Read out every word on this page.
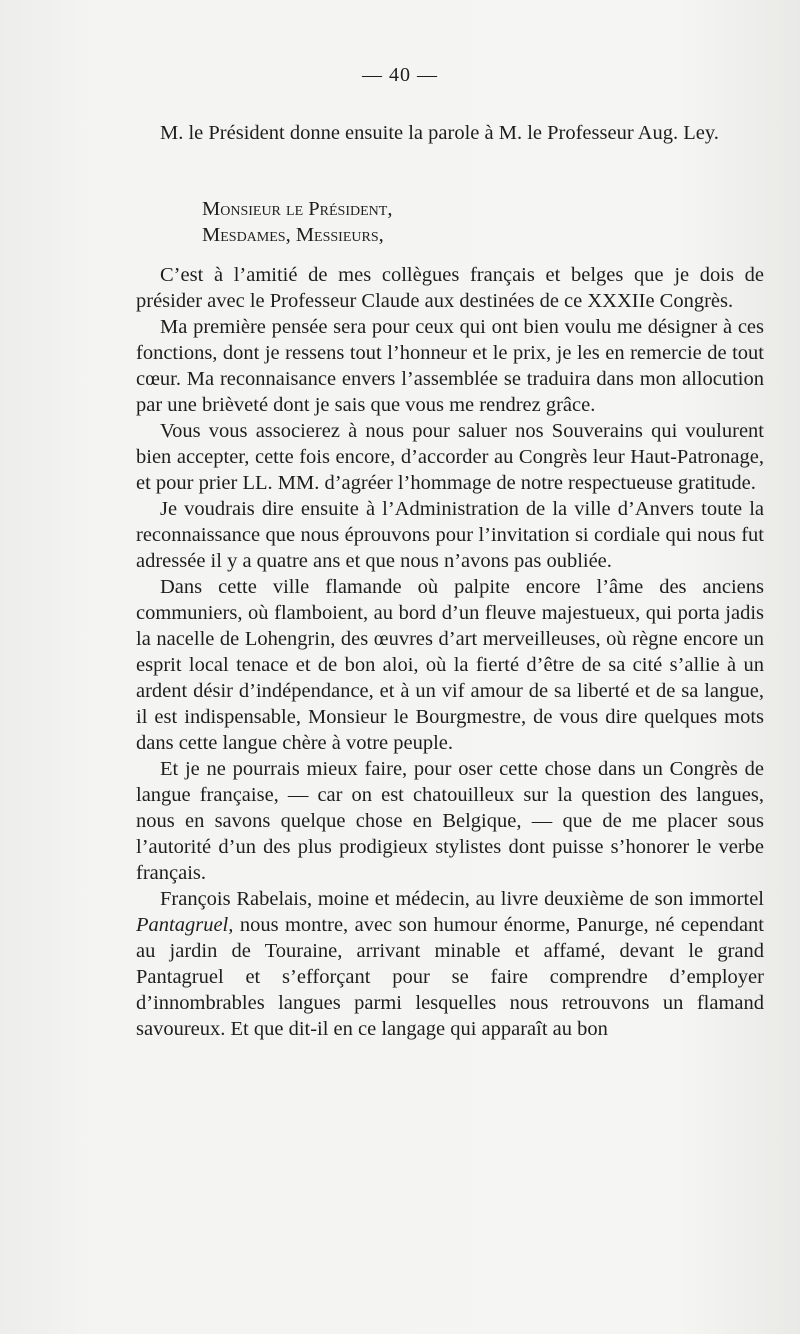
— 40 —
M. le Président donne ensuite la parole à M. le Professeur Aug. Ley.
Monsieur le Président,
Mesdames, Messieurs,

C’est à l’amitié de mes collègues français et belges que je dois de présider avec le Professeur Claude aux destinées de ce XXXIIe Congrès.

Ma première pensée sera pour ceux qui ont bien voulu me désigner à ces fonctions, dont je ressens tout l’honneur et le prix, je les en remercie de tout cœur. Ma reconnaisance envers l’assemblée se traduira dans mon allocution par une brièveté dont je sais que vous me rendrez grâce.

Vous vous associerez à nous pour saluer nos Souverains qui voulurent bien accepter, cette fois encore, d’accorder au Congrès leur Haut-Patronage, et pour prier LL. MM. d’agréer l’hommage de notre respectueuse gratitude.

Je voudrais dire ensuite à l’Administration de la ville d’Anvers toute la reconnaissance que nous éprouvons pour l’invitation si cordiale qui nous fut adressée il y a quatre ans et que nous n’avons pas oubliée.

Dans cette ville flamande où palpite encore l’âme des anciens communiers, où flamboient, au bord d’un fleuve majestueux, qui porta jadis la nacelle de Lohengrin, des œuvres d’art merveilleuses, où règne encore un esprit local tenace et de bon aloi, où la fierté d’être de sa cité s’allie à un ardent désir d’indépendance, et à un vif amour de sa liberté et de sa langue, il est indispensable, Monsieur le Bourgmestre, de vous dire quelques mots dans cette langue chère à votre peuple.

Et je ne pourrais mieux faire, pour oser cette chose dans un Congrès de langue française, — car on est chatouilleux sur la question des langues, nous en savons quelque chose en Belgique, — que de me placer sous l’autorité d’un des plus prodigieux stylistes dont puisse s’honorer le verbe français.

François Rabelais, moine et médecin, au livre deuxième de son immortel Pantagruel, nous montre, avec son humour énorme, Panurge, né cependant au jardin de Touraine, arrivant minable et affamé, devant le grand Pantagruel et s’efforçant pour se faire comprendre d’employer d’innombrables langues parmi lesquelles nous retrouvons un flamand savoureux. Et que dit-il en ce langage qui apparaît au bon
